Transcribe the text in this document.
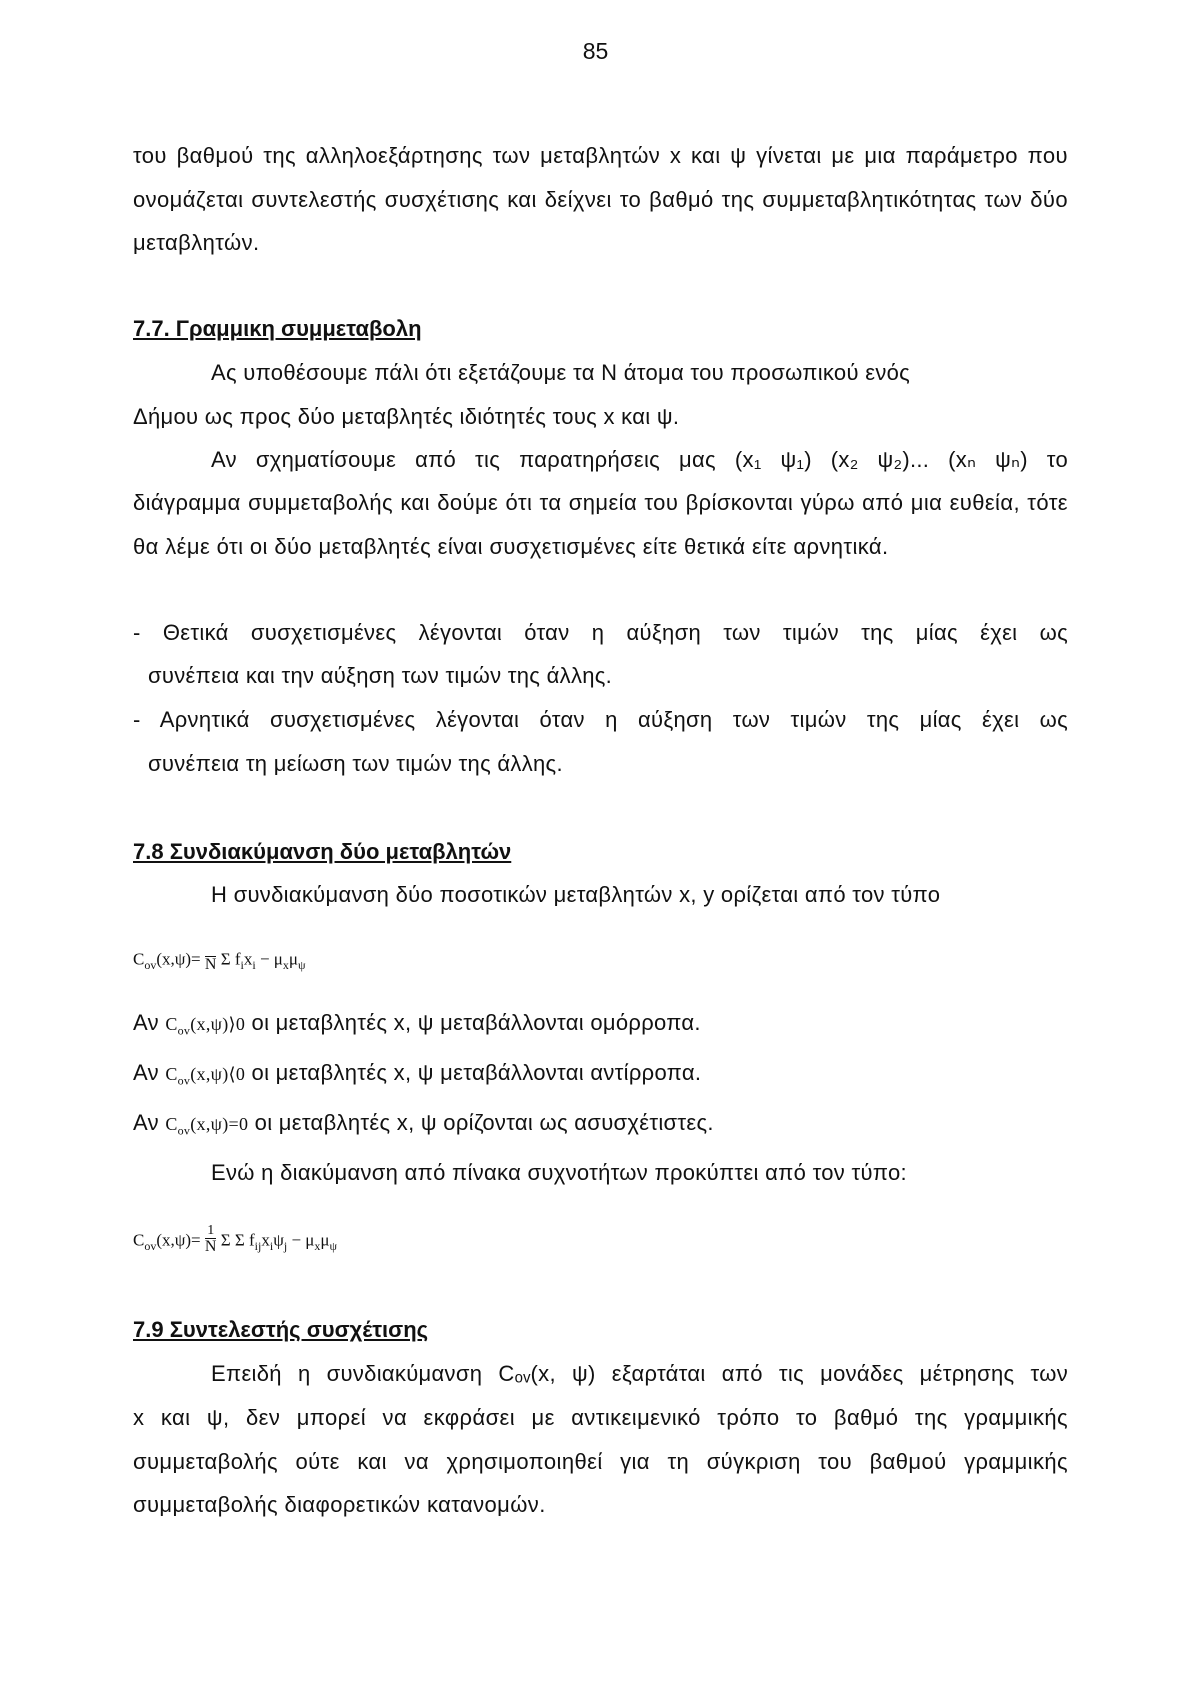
85
του βαθμού της αλληλοεξάρτησης των μεταβλητών x και ψ γίνεται με μια παράμετρο που ονομάζεται συντελεστής συσχέτισης και δείχνει το βαθμό της συμμεταβλητικότητας των δύο μεταβλητών.
7.7. Γραμμικη συμμεταβολη
Ας υποθέσουμε πάλι ότι εξετάζουμε τα Ν άτομα του προσωπικού ενός
Δήμου ως προς δύο μεταβλητές ιδιότητές τους x και ψ.
Αν σχηματίσουμε από τις παρατηρήσεις μας (x₁ ψ₁) (x₂ ψ₂)... (xₙ ψₙ) το
διάγραμμα συμμεταβολής και δούμε ότι τα σημεία του βρίσκονται γύρω από μια ευθεία, τότε θα λέμε ότι οι δύο μεταβλητές είναι συσχετισμένες είτε θετικά είτε αρνητικά.
- Θετικά συσχετισμένες λέγονται όταν η αύξηση των τιμών της μίας έχει ως
συνέπεια και την αύξηση των τιμών της άλλης.
- Αρνητικά συσχετισμένες λέγονται όταν η αύξηση των τιμών της μίας έχει ως
συνέπεια τη μείωση των τιμών της άλλης.
7.8 Συνδιακύμανση δύο μεταβλητών
Η συνδιακύμανση δύο ποσοτικών μεταβλητών x, y ορίζεται από τον τύπο
$C_{ov}(x,\psi)= N$ Σ $f_ix_i - \mu_x\mu_\psi$
Αν $C_{ov}(x,\psi)⟩0$ οι μεταβλητές x, ψ μεταβάλλονται ομόρροπα.
Αν $C_{ov}(x,\psi)⟨0$ οι μεταβλητές x, ψ μεταβάλλονται αντίρροπα.
Αν $C_{ov}(x,\psi)=0$ οι μεταβλητές x, ψ ορίζονται ως ασυσχέτιστες.
Ενώ η διακύμανση από πίνακα συχνοτήτων προκύπτει από τον τύπο:
$C_{ov}(x,\psi)= \frac{1}{N}$ Σ Σ $f_{ij}x_i\psi_j - \mu_x\mu_\psi$
7.9 Συντελεστής συσχέτισης
Επειδή η συνδιακύμανση Cₒᵥ(x, ψ) εξαρτάται από τις μονάδες μέτρησης των
x και ψ, δεν μπορεί να εκφράσει με αντικειμενικό τρόπο το βαθμό της γραμμικής συμμεταβολής ούτε και να χρησιμοποιηθεί για τη σύγκριση του βαθμού γραμμικής συμμεταβολής διαφορετικών κατανομών.
